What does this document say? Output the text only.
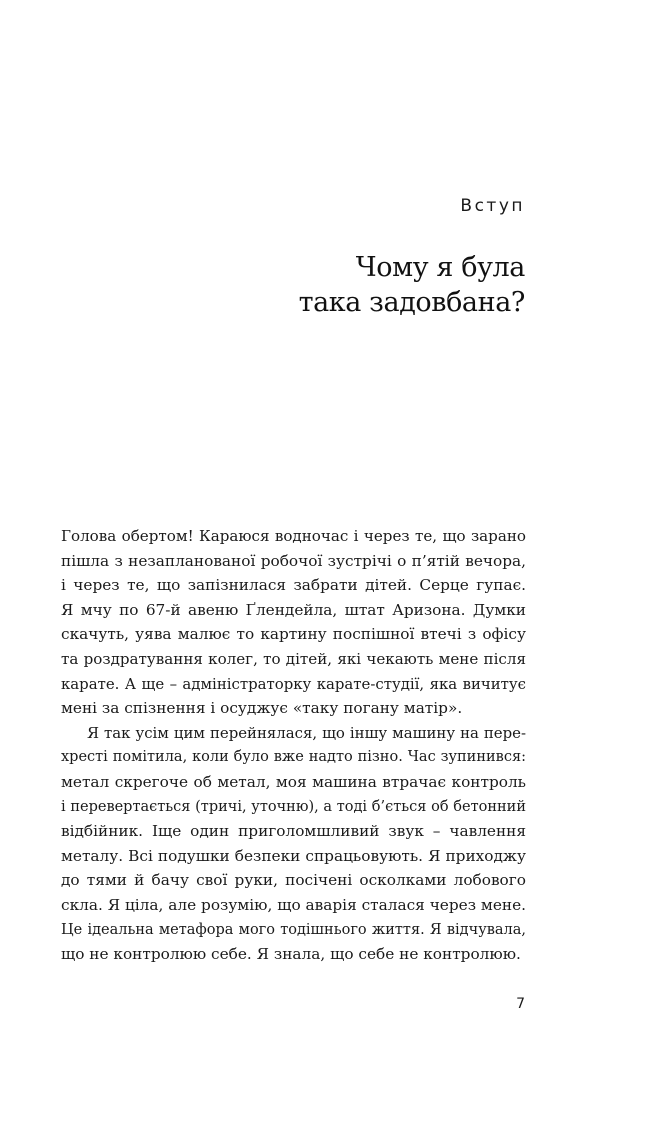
Вступ
Чому я була
така задовбана?
Голова обертом! Караюся водночас і через те, що зарано
пішла з незапланованої робочої зустрічі о п’ятій вечора,
і через те, що запізнилася забрати дітей. Серце гупає.
Я мчу по 67-й авеню Ґлендейла, штат Аризона. Думки
скачуть, уява малює то картину поспішної втечі з офісу
та роздратування колег, то дітей, які чекають мене після
карате. А ще – адміністраторку карате-студії, яка вичитує
мені за спізнення і осуджує «таку погану матір».
Я так усім цим перейнялася, що іншу машину на пере-
хресті помітила, коли було вже надто пізно. Час зупинився:
метал скрегоче об метал, моя машина втрачає контроль
і перевертається (тричі, уточню), а тоді б’ється об бетонний
відбійник. Іще один приголомшливий звук – чавлення
металу. Всі подушки безпеки спрацьовують. Я приходжу
до тями й бачу свої руки, посічені осколками лобового
скла. Я ціла, але розумію, що аварія сталася через мене.
Це ідеальна метафора мого тодішнього життя. Я відчувала,
що не контролюю себе. Я знала, що себе не контролюю.
7
